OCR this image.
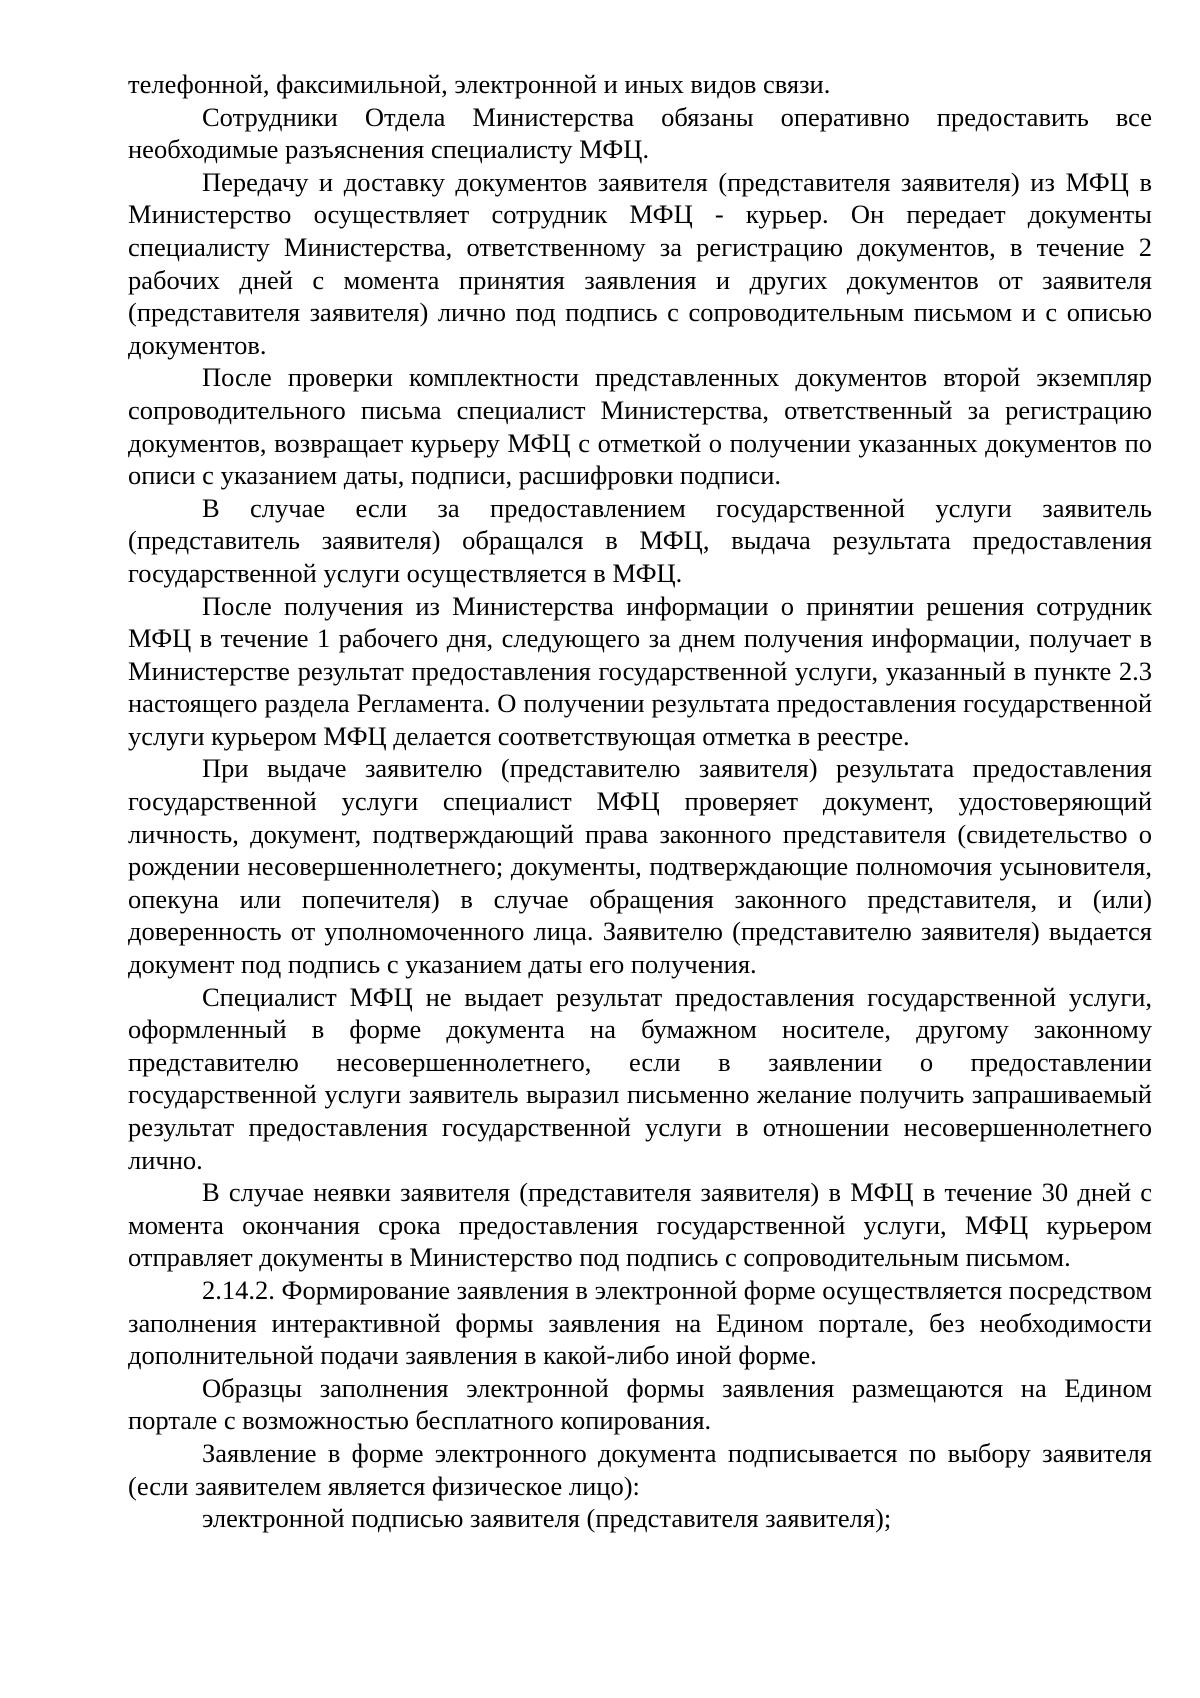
телефонной, факсимильной, электронной и иных видов связи.

Сотрудники Отдела Министерства обязаны оперативно предоставить все необходимые разъяснения специалисту МФЦ.

Передачу и доставку документов заявителя (представителя заявителя) из МФЦ в Министерство осуществляет сотрудник МФЦ - курьер. Он передает документы специалисту Министерства, ответственному за регистрацию документов, в течение 2 рабочих дней с момента принятия заявления и других документов от заявителя (представителя заявителя) лично под подпись с сопроводительным письмом и с описью документов.

После проверки комплектности представленных документов второй экземпляр сопроводительного письма специалист Министерства, ответственный за регистрацию документов, возвращает курьеру МФЦ с отметкой о получении указанных документов по описи с указанием даты, подписи, расшифровки подписи.

В случае если за предоставлением государственной услуги заявитель (представитель заявителя) обращался в МФЦ, выдача результата предоставления государственной услуги осуществляется в МФЦ.

После получения из Министерства информации о принятии решения сотрудник МФЦ в течение 1 рабочего дня, следующего за днем получения информации, получает в Министерстве результат предоставления государственной услуги, указанный в пункте 2.3 настоящего раздела Регламента. О получении результата предоставления государственной услуги курьером МФЦ делается соответствующая отметка в реестре.

При выдаче заявителю (представителю заявителя) результата предоставления государственной услуги специалист МФЦ проверяет документ, удостоверяющий личность, документ, подтверждающий права законного представителя (свидетельство о рождении несовершеннолетнего; документы, подтверждающие полномочия усыновителя, опекуна или попечителя) в случае обращения законного представителя, и (или) доверенность от уполномоченного лица. Заявителю (представителю заявителя) выдается документ под подпись с указанием даты его получения.

Специалист МФЦ не выдает результат предоставления государственной услуги, оформленный в форме документа на бумажном носителе, другому законному представителю несовершеннолетнего, если в заявлении о предоставлении государственной услуги заявитель выразил письменно желание получить запрашиваемый результат предоставления государственной услуги в отношении несовершеннолетнего лично.

В случае неявки заявителя (представителя заявителя) в МФЦ в течение 30 дней с момента окончания срока предоставления государственной услуги, МФЦ курьером отправляет документы в Министерство под подпись с сопроводительным письмом.

2.14.2. Формирование заявления в электронной форме осуществляется посредством заполнения интерактивной формы заявления на Едином портале, без необходимости дополнительной подачи заявления в какой-либо иной форме.

Образцы заполнения электронной формы заявления размещаются на Едином портале с возможностью бесплатного копирования.

Заявление в форме электронного документа подписывается по выбору заявителя (если заявителем является физическое лицо):

электронной подписью заявителя (представителя заявителя);
